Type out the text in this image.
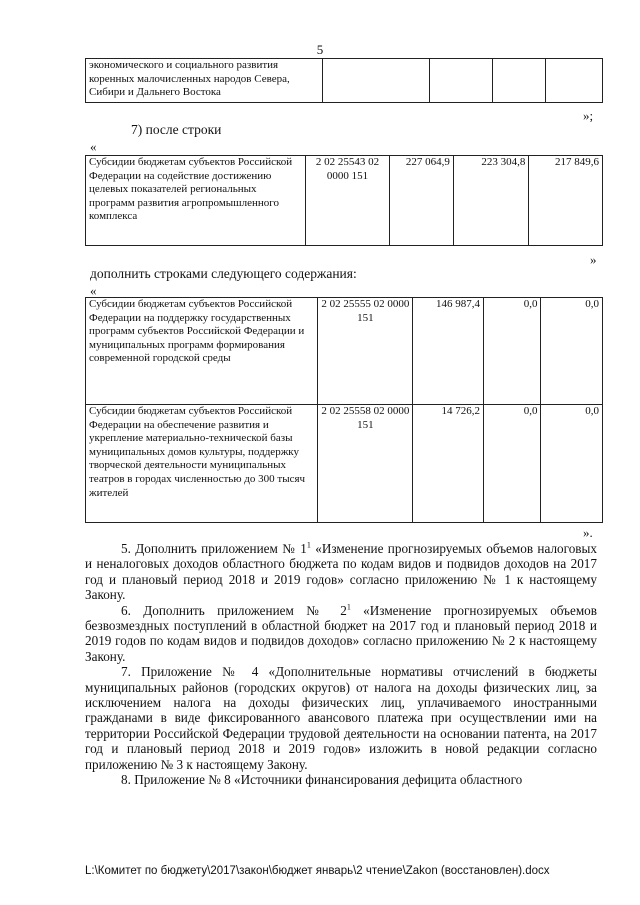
5
экономического и социального развития коренных малочисленных народов Севера, Сибири и Дальнего Востока				
»;
7) после строки
«
Субсидии бюджетам субъектов Российской Федерации на содействие достижению целевых показателей региональных программ развития агропромышленного комплекса	2 02 25543 02 0000 151	227 064,9	223 304,8	217 849,6
»
дополнить строками следующего содержания:
«
Субсидии бюджетам субъектов Российской Федерации на поддержку государственных программ субъектов Российской Федерации и муниципальных программ формирования современной городской среды	2 02 25555 02 0000 151	146 987,4	0,0	0,0
Субсидии бюджетам субъектов Российской Федерации на обеспечение развития и укрепление материально-технической базы муниципальных домов культуры, поддержку творческой деятельности муниципальных театров в городах численностью до 300 тысяч жителей	2 02 25558 02 0000 151	14 726,2	0,0	0,0
».

5. Дополнить приложением № $1^1$ «Изменение прогнозируемых объемов налоговых и неналоговых доходов областного бюджета по кодам видов и подвидов доходов на 2017 год и плановый период 2018 и 2019 годов» согласно приложению № 1 к настоящему Закону.

6. Дополнить приложением № $2^1$ «Изменение прогнозируемых объемов безвозмездных поступлений в областной бюджет на 2017 год и плановый период 2018 и 2019 годов по кодам видов и подвидов доходов» согласно приложению № 2 к настоящему Закону.

7. Приложение № 4 «Дополнительные нормативы отчислений в бюджеты муниципальных районов (городских округов) от налога на доходы физических лиц, за исключением налога на доходы физических лиц, уплачиваемого иностранными гражданами в виде фиксированного авансового платежа при осуществлении ими на территории Российской Федерации трудовой деятельности на основании патента, на 2017 год и плановый период 2018 и 2019 годов» изложить в новой редакции согласно приложению № 3 к настоящему Закону.

8. Приложение № 8 «Источники финансирования дефицита областного

L:\Комитет по бюджету\2017\закон\бюджет январь\2 чтение\Zakon (восстановлен).docx
